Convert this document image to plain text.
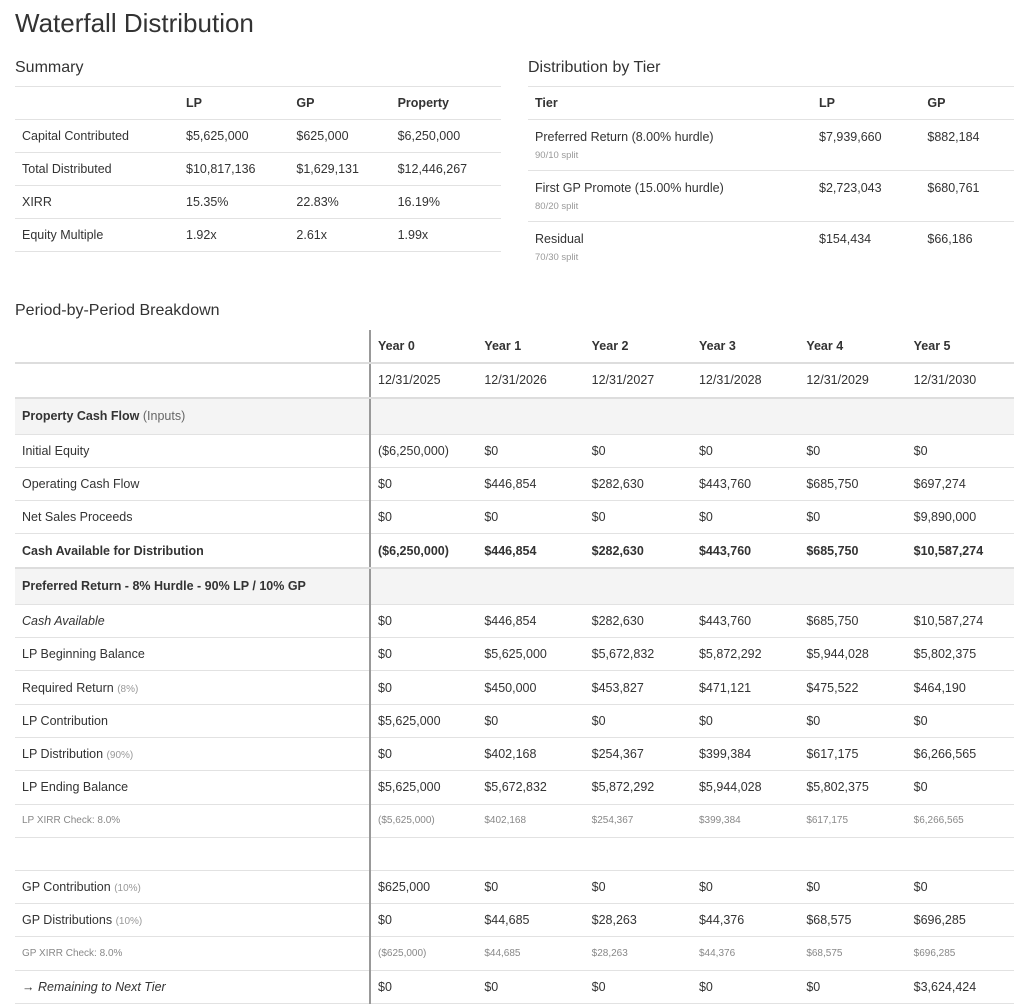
Waterfall Distribution
Summary	Distribution by Tier
Period-by-Period Breakdown
	LP	GP	Property
Capital Contributed	$5,625,000	$625,000	$6,250,000
Total Distributed	$10,817,136	$1,629,131	$12,446,267
XIRR	15.35%	22.83%	16.19%
Equity Multiple	1.92x	2.61x	1.99x
Tier	LP	GP

Preferred Return (8.00% hurdle)
90/10 split	$7,939,660	$882,184

First GP Promote (15.00% hurdle)
80/20 split	$2,723,043	$680,761

Residual
70/30 split	$154,434	$66,186
	Year 0	Year 1	Year 2	Year 3	Year 4	Year 5
	12/31/2025	12/31/2026	12/31/2027	12/31/2028	12/31/2029	12/31/2030
Property Cash Flow (Inputs)						
Initial Equity	($6,250,000)	$0	$0	$0	$0	$0
Operating Cash Flow	$0	$446,854	$282,630	$443,760	$685,750	$697,274
Net Sales Proceeds	$0	$0	$0	$0	$0	$9,890,000
Cash Available for Distribution	($6,250,000)	$446,854	$282,630	$443,760	$685,750	$10,587,274
Preferred Return - 8% Hurdle - 90% LP / 10% GP						
Cash Available	$0	$446,854	$282,630	$443,760	$685,750	$10,587,274
LP Beginning Balance	$0	$5,625,000	$5,672,832	$5,872,292	$5,944,028	$5,802,375
Required Return (8%)	$0	$450,000	$453,827	$471,121	$475,522	$464,190
LP Contribution	$5,625,000	$0	$0	$0	$0	$0
LP Distribution (90%)	$0	$402,168	$254,367	$399,384	$617,175	$6,266,565
LP Ending Balance	$5,625,000	$5,672,832	$5,872,292	$5,944,028	$5,802,375	$0
LP XIRR Check: 8.0%	($5,625,000)	$402,168	$254,367	$399,384	$617,175	$6,266,565

GP Contribution (10%)	$625,000	$0	$0	$0	$0	$0
GP Distributions (10%)	$0	$44,685	$28,263	$44,376	$68,575	$696,285
GP XIRR Check: 8.0%	($625,000)	$44,685	$28,263	$44,376	$68,575	$696,285
→ Remaining to Next Tier	$0	$0	$0	$0	$0	$3,624,424
